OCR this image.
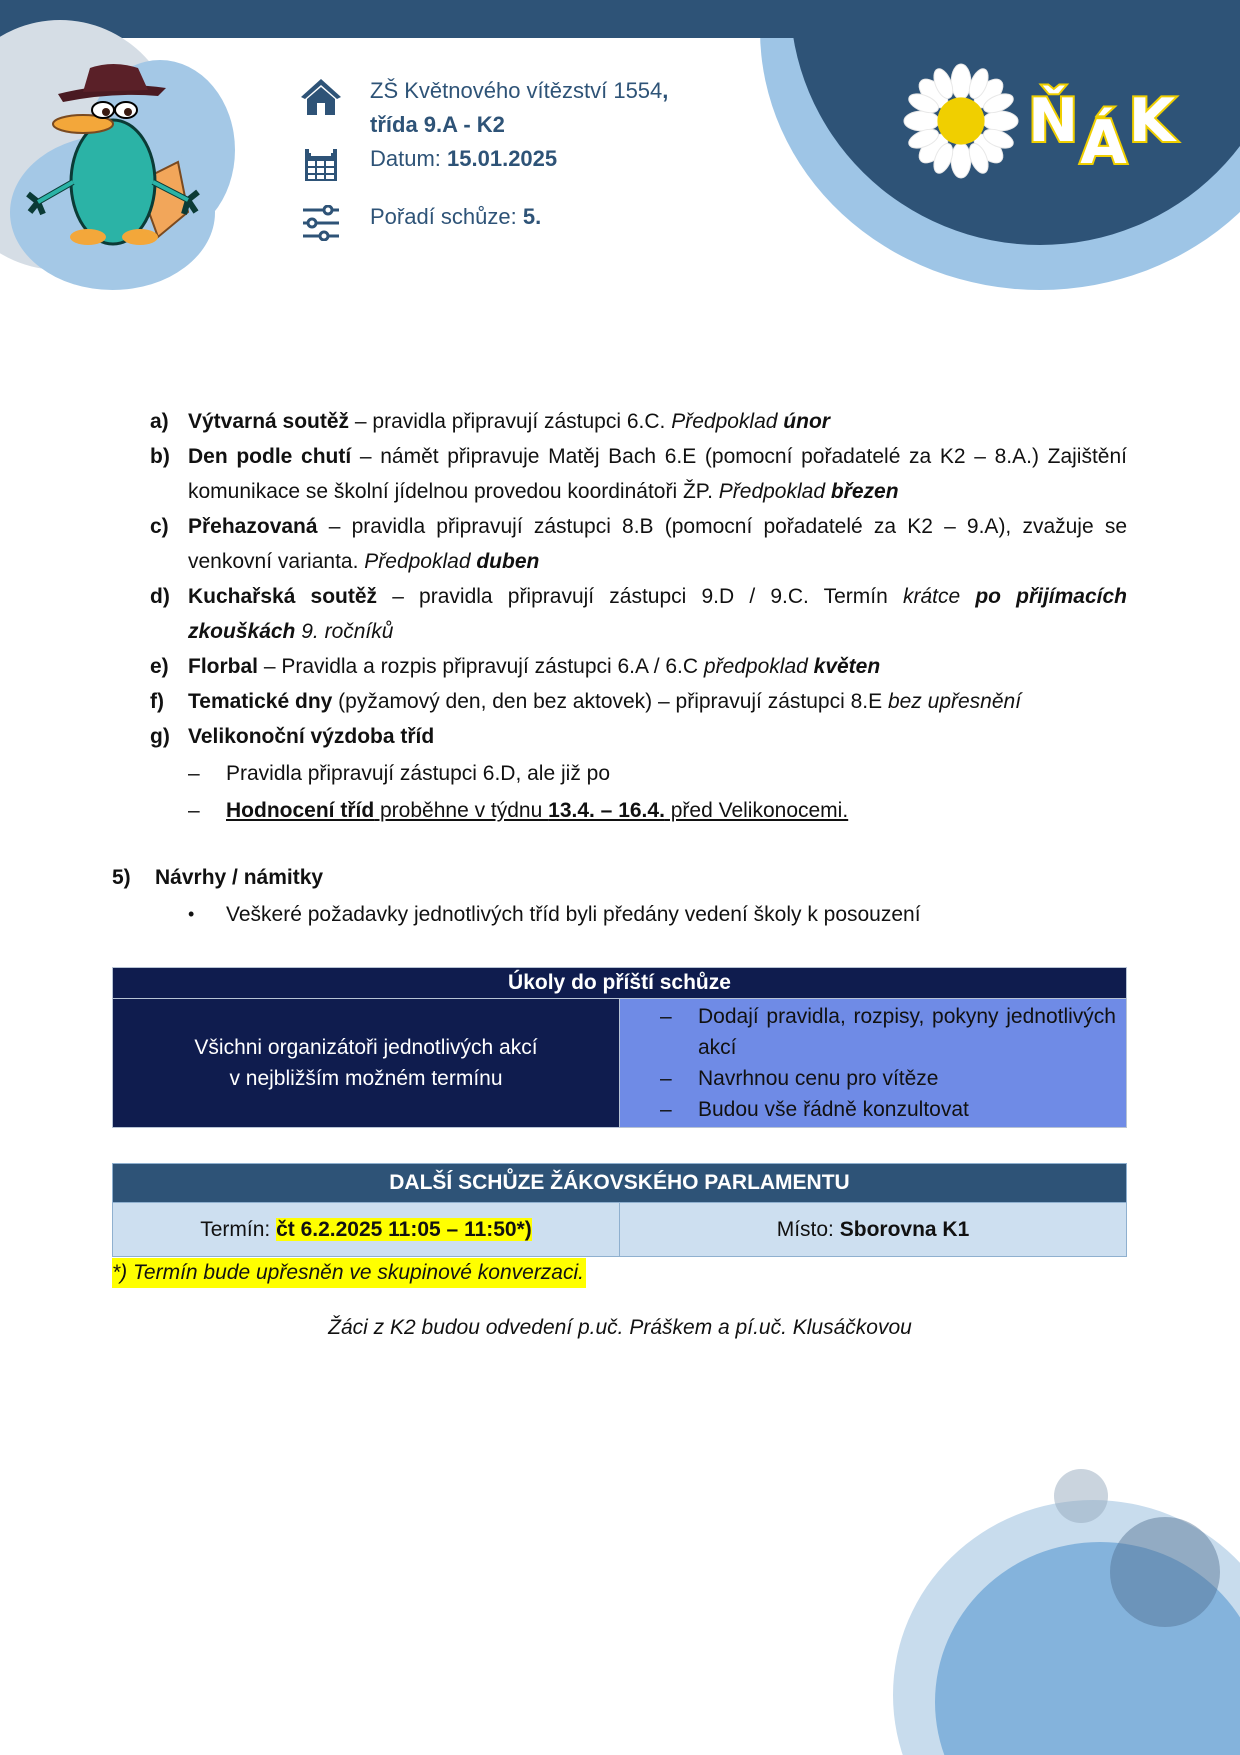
ŇÁK
ZŠ Květnového vítězství 1554,
třída 9.A - K2
Datum: 15.01.2025
Pořadí schůze: 5.
a) Výtvarná soutěž – pravidla připravují zástupci 6.C. Předpoklad únor
b) Den podle chutí – námět připravuje Matěj Bach 6.E (pomocní pořadatelé za K2 – 8.A.) Zajištění komunikace se školní jídelnou provedou koordinátoři ŽP. Předpoklad březen
c) Přehazovaná – pravidla připravují zástupci 8.B (pomocní pořadatelé za K2 – 9.A), zvažuje se venkovní varianta. Předpoklad duben
d) Kuchařská soutěž – pravidla připravují zástupci 9.D / 9.C. Termín krátce po přijímacích zkouškách 9. ročníků
e) Florbal – Pravidla a rozpis připravují zástupci 6.A / 6.C předpoklad květen
f)	Tematické dny (pyžamový den, den bez aktovek) – připravují zástupci 8.E bez upřesnění
g) Velikonoční výzdoba tříd
–	Pravidla připravují zástupci 6.D, ale již po
–	Hodnocení tříd proběhne v týdnu 13.4. – 16.4. před Velikonocemi.
5)	Návrhy / námitky
•	Veškeré požadavky jednotlivých tříd byli předány vedení školy k posouzení
Úkoly do příští schůze

Všichni organizátoři jednotlivých akcí
v nejbližším možném termínu

–	Dodají pravidla, rozpisy, pokyny jednotlivých akcí
–	Navrhnou cenu pro vítěze
–	Budou vše řádně konzultovat
DALŠÍ SCHŮZE ŽÁKOVSKÉHO PARLAMENTU
Termín: čt 6.2.2025 11:05 – 11:50*)	Místo: Sborovna K1
*) Termín bude upřesněn ve skupinové konverzaci.
Žáci z K2 budou odvedení p.uč. Práškem a pí.uč. Klusáčkovou
